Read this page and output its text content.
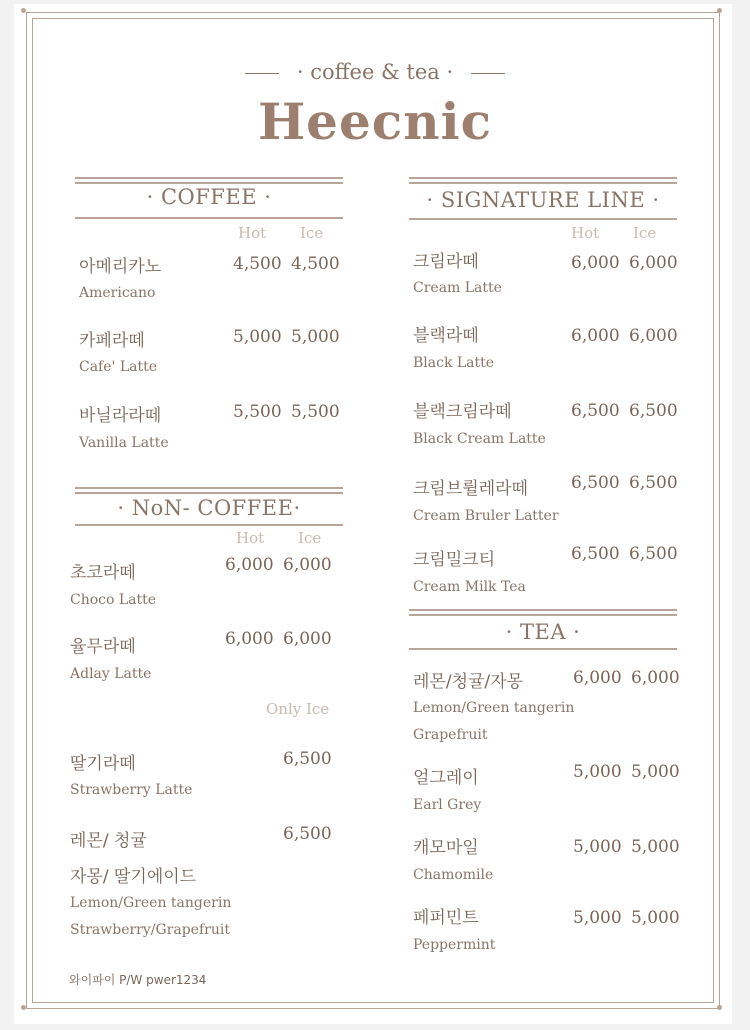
· coffee & tea ·
Heecnic
· COFFEE ·
Hot Ice
아메리카노	4,500 4,500
Americano
카페라떼	5,000 5,000
Cafe' Latte
바닐라라떼	5,500 5,500
Vanilla Latte
· NoN- COFFEE·
Hot Ice
초코라떼	6,000 6,000
Choco Latte
율무라떼	6,000 6,000
Adlay Latte
Only Ice
딸기라떼	6,500
Strawberry Latte
레몬/ 청귤	6,500
자몽/ 딸기에이드
Lemon/Green tangerin
Strawberry/Grapefruit
· SIGNATURE LINE ·
Hot Ice
크림라떼	6,000 6,000
Cream Latte
블랙라떼	6,000 6,000
Black Latte
블랙크림라떼	6,500 6,500
Black Cream Latte
크림브륄레라떼	6,500 6,500
Cream Bruler Latter
크림밀크티	6,500 6,500
Cream Milk Tea
· TEA ·
레몬/청귤/자몽	6,000 6,000
Lemon/Green tangerin
Grapefruit
얼그레이	5,000 5,000
Earl Grey
캐모마일	5,000 5,000
Chamomile
페퍼민트	5,000 5,000
Peppermint
와이파이 P/W pwer1234
